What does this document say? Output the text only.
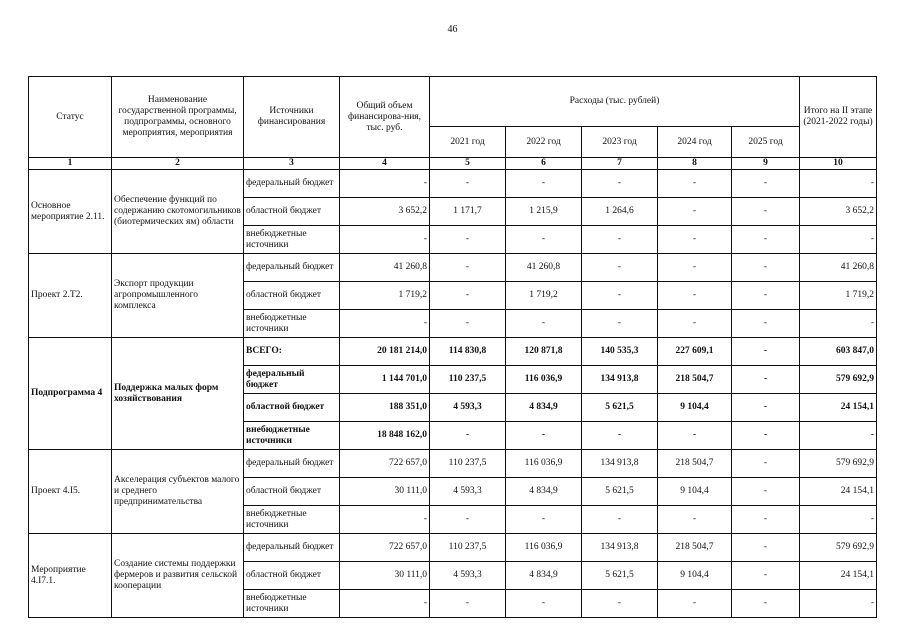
46
Статус	Наименование государственной программы, подпрограммы, основного мероприятия, мероприятия	Источники финансирования	Общий объем финансирова-ния, тыс. руб.	Расходы (тыс. рублей)					Итого на II этапе (2021-2022 годы)
				2021 год	2022 год	2023 год	2024 год	2025 год	
1	2	3	4	5	6	7	8	9	10
Основное мероприятие 2.11.	Обеспечение функций по содержанию скотомогильников (биотермических ям) области	федеральный бюджет	-	-	-	-	-	-	-
		областной бюджет	3 652,2	1 171,7	1 215,9	1 264,6	-	-	3 652,2
		внебюджетные источники	-	-	-	-	-	-	-
Проект 2.Т2.	Экспорт продукции агропромышленного комплекса	федеральный бюджет	41 260,8	-	41 260,8	-	-	-	41 260,8
		областной бюджет	1 719,2	-	1 719,2	-	-	-	1 719,2
		внебюджетные источники	-	-	-	-	-	-	-
Подпрограмма 4	Поддержка малых форм хозяйствования	ВСЕГО:	20 181 214,0	114 830,8	120 871,8	140 535,3	227 609,1	-	603 847,0
		федеральный бюджет	1 144 701,0	110 237,5	116 036,9	134 913,8	218 504,7	-	579 692,9
		областной бюджет	188 351,0	4 593,3	4 834,9	5 621,5	9 104,4	-	24 154,1
		внебюджетные источники	18 848 162,0	-	-	-	-	-	-
Проект 4.I5.	Акселерация субъектов малого и среднего предпринимательства	федеральный бюджет	722 657,0	110 237,5	116 036,9	134 913,8	218 504,7	-	579 692,9
		областной бюджет	30 111,0	4 593,3	4 834,9	5 621,5	9 104,4	-	24 154,1
		внебюджетные источники	-	-	-	-	-	-	-
Мероприятие 4.I7.1.	Создание системы поддержки фермеров и развития сельской кооперации	федеральный бюджет	722 657,0	110 237,5	116 036,9	134 913,8	218 504,7	-	579 692,9
		областной бюджет	30 111,0	4 593,3	4 834,9	5 621,5	9 104,4	-	24 154,1
		внебюджетные источники	-	-	-	-	-	-	-
